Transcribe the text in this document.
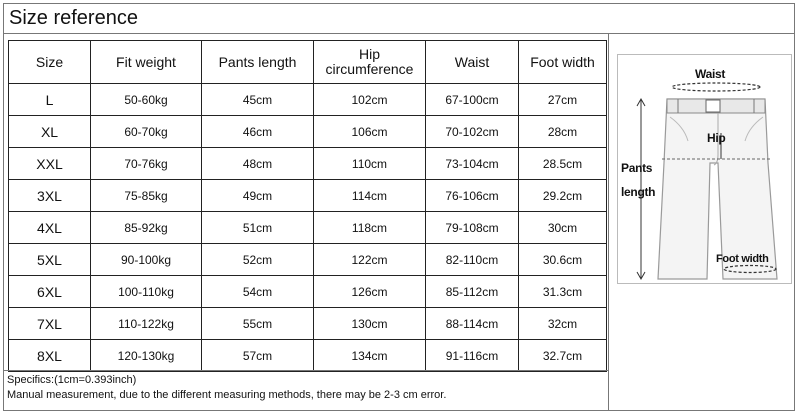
Size reference
Size	Fit weight	Pants length	Hip circumference	Waist	Foot width
L	50-60kg	45cm	102cm	67-100cm	27cm
XL	60-70kg	46cm	106cm	70-102cm	28cm
XXL	70-76kg	48cm	110cm	73-104cm	28.5cm
3XL	75-85kg	49cm	114cm	76-106cm	29.2cm
4XL	85-92kg	51cm	118cm	79-108cm	30cm
5XL	90-100kg	52cm	122cm	82-110cm	30.6cm
6XL	100-110kg	54cm	126cm	85-112cm	31.3cm
7XL	110-122kg	55cm	130cm	88-114cm	32cm
8XL	120-130kg	57cm	134cm	91-116cm	32.7cm
Specifics:(1cm=0.393inch)
Manual measurement, due to the different measuring methods, there may be 2-3 cm error.
Waist
Hip
Pants
length
Foot width
